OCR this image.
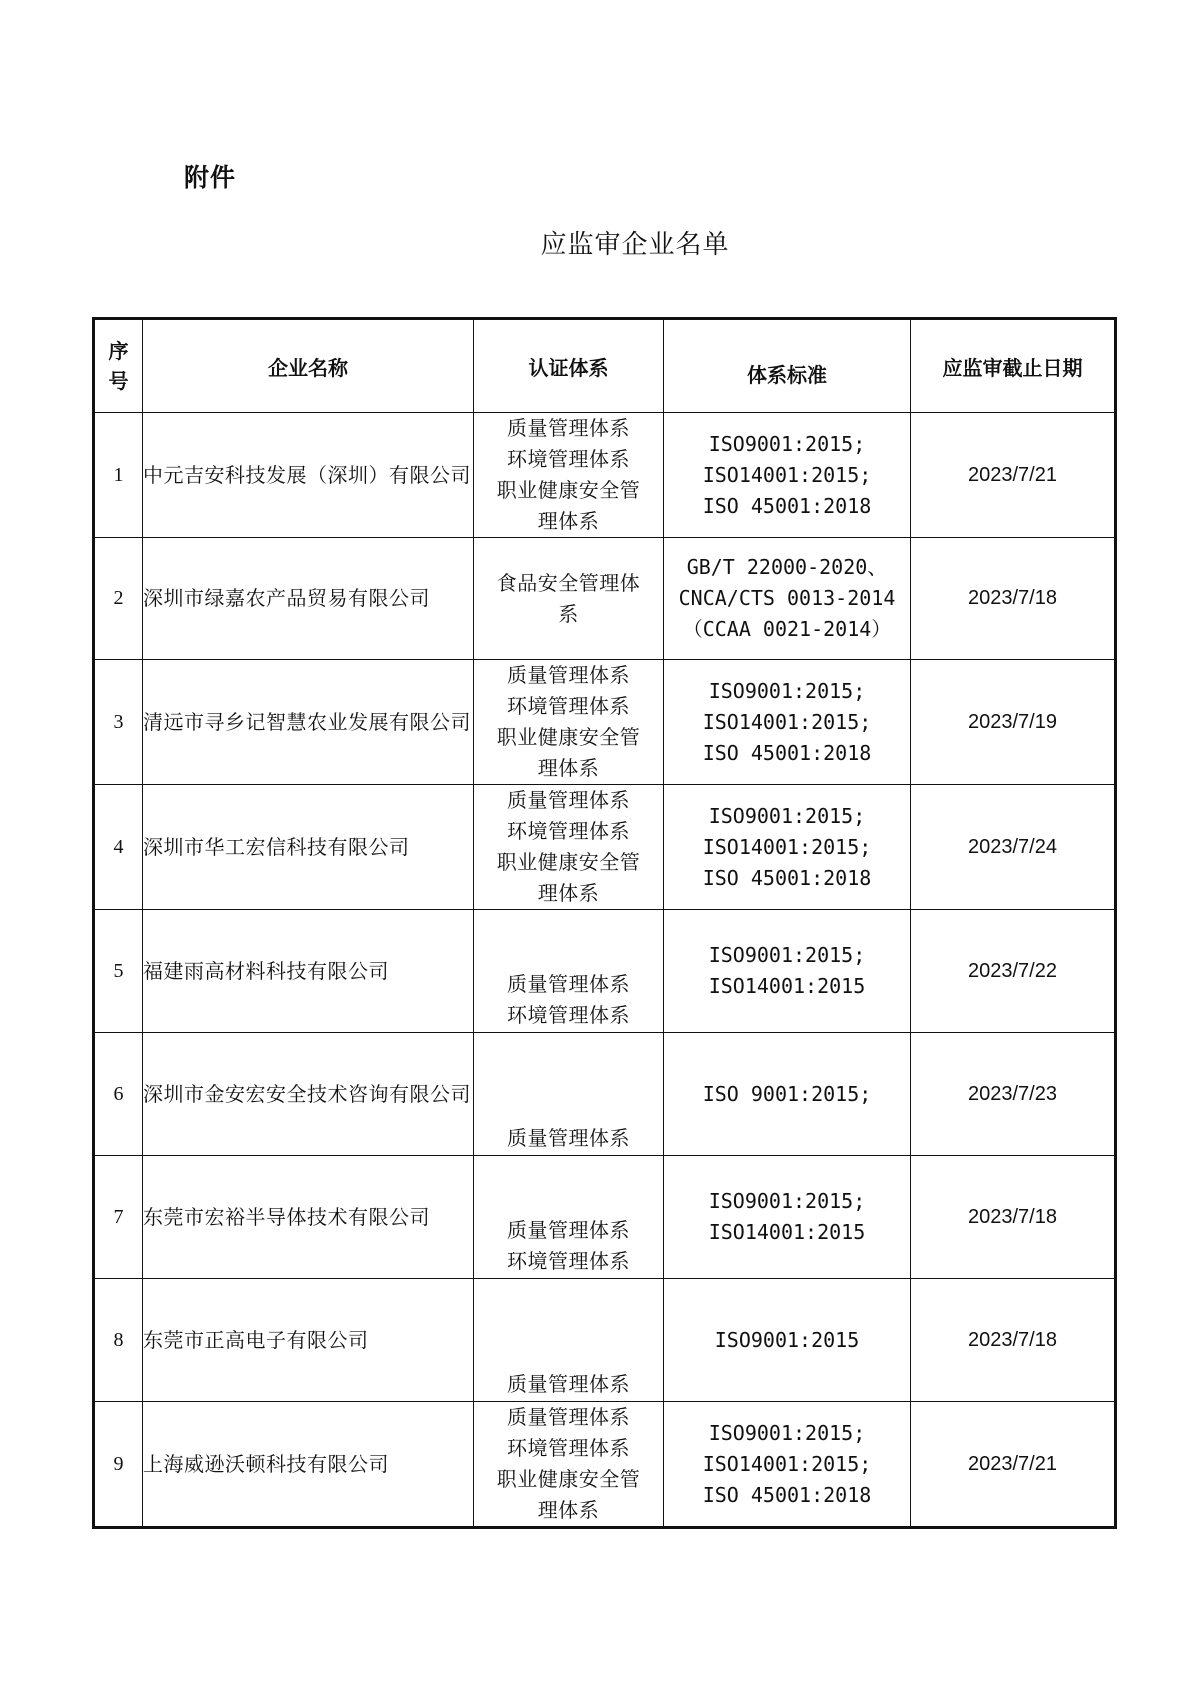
附件
应监审企业名单
序
号	企业名称	认证体系	体系标准	应监审截止日期
1	中元吉安科技发展（深圳）有限公司	质量管理体系
环境管理体系
职业健康安全管
理体系	ISO9001:2015;
ISO14001:2015;
ISO 45001:2018	2023/7/21
2	深圳市绿嘉农产品贸易有限公司	食品安全管理体
系	GB/T 22000-2020、
CNCA/CTS 0013-2014
（CCAA 0021-2014）	2023/7/18
3	清远市寻乡记智慧农业发展有限公司	质量管理体系
环境管理体系
职业健康安全管
理体系	ISO9001:2015;
ISO14001:2015;
ISO 45001:2018	2023/7/19
4	深圳市华工宏信科技有限公司	质量管理体系
环境管理体系
职业健康安全管
理体系	ISO9001:2015;
ISO14001:2015;
ISO 45001:2018	2023/7/24
5	福建雨高材料科技有限公司	质量管理体系
环境管理体系	ISO9001:2015;
ISO14001:2015	2023/7/22
6	深圳市金安宏安全技术咨询有限公司	质量管理体系	ISO 9001:2015;	2023/7/23
7	东莞市宏裕半导体技术有限公司	质量管理体系
环境管理体系	ISO9001:2015;
ISO14001:2015	2023/7/18
8	东莞市正高电子有限公司	质量管理体系	ISO9001:2015	2023/7/18
9	上海威逊沃顿科技有限公司	质量管理体系
环境管理体系
职业健康安全管
理体系	ISO9001:2015;
ISO14001:2015;
ISO 45001:2018	2023/7/21
